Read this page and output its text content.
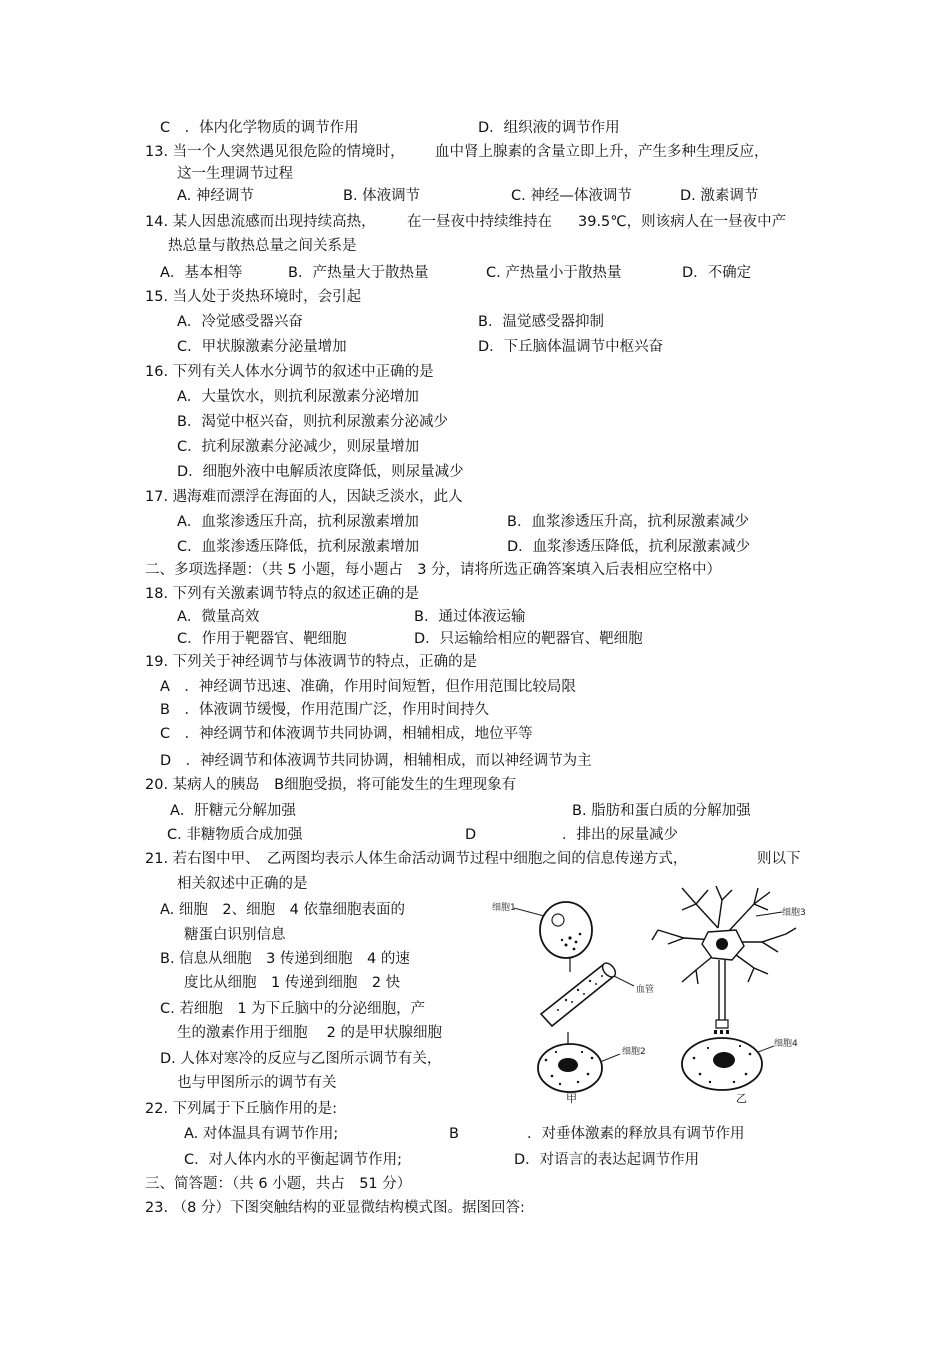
C　．体内化学物质的调节作用	D．组织液的调节作用
13. 当一个人突然遇见很危险的情境时， 血中肾上腺素的含量立即上升， 产生多种生理反应，
这一生理调节过程
A. 神经调节	B. 体液调节	C. 神经—体液调节	D. 激素调节
14. 某人因患流感而出现持续高热， 在一昼夜中持续维持在 39.5℃，则该病人在一昼夜中产
热总量与散热总量之间关系是
A．基本相等	B．产热量大于散热量	C. 产热量小于散热量	D．不确定
15. 当人处于炎热环境时，会引起
A．冷觉感受器兴奋	B．温觉感受器抑制
C．甲状腺激素分泌量增加	D．下丘脑体温调节中枢兴奋
16. 下列有关人体水分调节的叙述中正确的是
A．大量饮水，则抗利尿激素分泌增加
B．渴觉中枢兴奋，则抗利尿激素分泌减少
C．抗利尿激素分泌减少，则尿量增加
D．细胞外液中电解质浓度降低，则尿量减少
17. 遇海难而漂浮在海面的人，因缺乏淡水，此人
A．血浆渗透压升高，抗利尿激素增加	B．血浆渗透压升高，抗利尿激素减少
C．血浆渗透压降低，抗利尿激素增加	D．血浆渗透压降低，抗利尿激素减少
二、多项选择题：（共 5 小题，每小题占　3 分，请将所选正确答案填入后表相应空格中）
18. 下列有关激素调节特点的叙述正确的是
A．微量高效	B．通过体液运输
C．作用于靶器官、靶细胞	D．只运输给相应的靶器官、靶细胞
19. 下列关于神经调节与体液调节的特点，正确的是
A　．神经调节迅速、准确，作用时间短暂，但作用范围比较局限
B　．体液调节缓慢，作用范围广泛，作用时间持久
C　．神经调节和体液调节共同协调，相辅相成，地位平等
D　．神经调节和体液调节共同协调，相辅相成，而以神经调节为主
20. 某病人的胰岛　B细胞受损，将可能发生的生理现象有
A．肝糖元分解加强	B. 脂肪和蛋白质的分解加强
C. 非糖物质合成加强	D	．排出的尿量减少
21. 若右图中甲、　乙两图均表示人体生命活动调节过程中细胞之间的信息传递方式，	则以下
相关叙述中正确的是
A. 细胞　2、细胞　4 依靠细胞表面的
糖蛋白识别信息
B. 信息从细胞　3 传递到细胞　4 的速
度比从细胞　1 传递到细胞　2 快
C. 若细胞　1 为下丘脑中的分泌细胞，产
生的激素作用于细胞　 2 的是甲状腺细胞
D. 人体对寒冷的反应与乙图所示调节有关，
也与甲图所示的调节有关
22. 下列属于下丘脑作用的是:
A. 对体温具有调节作用;	B	．对垂体激素的释放具有调节作用
C．对人体内水的平衡起调节作用;	D．对语言的表达起调节作用
三、简答题：（共 6 小题，共占　51 分）
23. （8 分）下图突触结构的亚显微结构模式图。据图回答:
细胞1
血管
细胞2
甲
细胞3
细胞4
乙
